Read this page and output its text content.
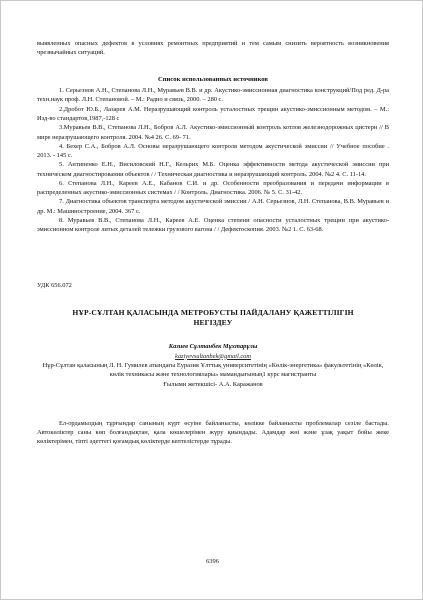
выявленных опасных дефектов в условиях ремонтных предприятий и тем самым снизить вероятность возникновения чрезвычайных ситуаций.

Список использованных источников

1. Серьезнов А.Н., Степанова Л.Н., Муравьев В.В. и др. Акустико-эмиссионная диагностика конструкций/Под ред. Д-ра техн.наук проф. Л.Н. Степановой. – М.: Радио и связь, 2000. – 280 с.

2.Дробот Ю.Б., Лазарев А.М. Неразрушающий контроль усталостных трещин акустико-эмиссионным методом. – М.: Изд-во стандартов,1987,-128 с

3.Муравьев В.В., Степанова Л.Н., Бобров А.Л. Акустико-эмиссионный контроль котлов железнодорожных цистерн // В мире неразрушающего контроля. 2004. №4 26. С. 69- 71.

4. Бехер С.А., Бобров А.Л. Основы неразрушающего контроля методом акустической эмиссии // Учебное пособие . 2013. - 145 с.

5. Антипенко Е.Н., Висиловский Н.Г., Кельрих М.Б. Оценка эффективности метода акустической эмиссии при техническом диагностировании объектов / / Техническая диагностика и неразрушающий контроль. 2004. №2 4. С. 11-14.

6. Степанова Л.Н., Кареев А.Е., Кабанов С.И. и др. Особенности преобразования и передачи информации в распределенных акустико-эмиссионных системах / / Контроль. Диагностика. 2006. № 5. С. 31-42.

7. Диагностика объектов транспорта методом акустической эмиссии / А.Н. Серьезнов, Л.Н. Степанова, В.В. Муравьев и др. М.: Машиностроение, 2004. 367 с.

8. Муравьев В.В., Степанова Л.Н., Кареев А.Е. Оценка степени опасности усталостных трещин при акустико-эмиссионном контроле литых деталей тележки грузового вагона / / Дефектоскопия. 2003. №2 1. С. 63-68.

УДК 656.072

НҰР-СҰЛТАН ҚАЛАСЫНДА МЕТРОБУСТЫ ПАЙДАЛАНУ ҚАЖЕТТІЛІГІН
НЕГІЗДЕУ

Казиев Сұлтанбек Мұхтарұлы

kaziyevsultanbek@gmail.com

Нұр-Сұлтан қаласының Л. Н. Гумилев атындағы Еуразия Ұлттық университетінің «Көлік-энергетика» факультетінің «Көлік, көлік техникасы және технологиялары» мамандығының1 курс магистранты

Ғылыми жетекшісі- А.А. Каражанов

Ел-ордамыздың тұрғындар санының күрт өсуіне байланысты, көлікке байланысты проблемалар сезіле бастады. Автокөліктер саны көп болғандықтан, қала көшелерімен жүру қиындады. Адамдар жөі және ұзақ уақыт бойы жеке көліктерімен, тіпті әдеттегі қоғамдық көліктерде кептелістерде тұрады.

6396
